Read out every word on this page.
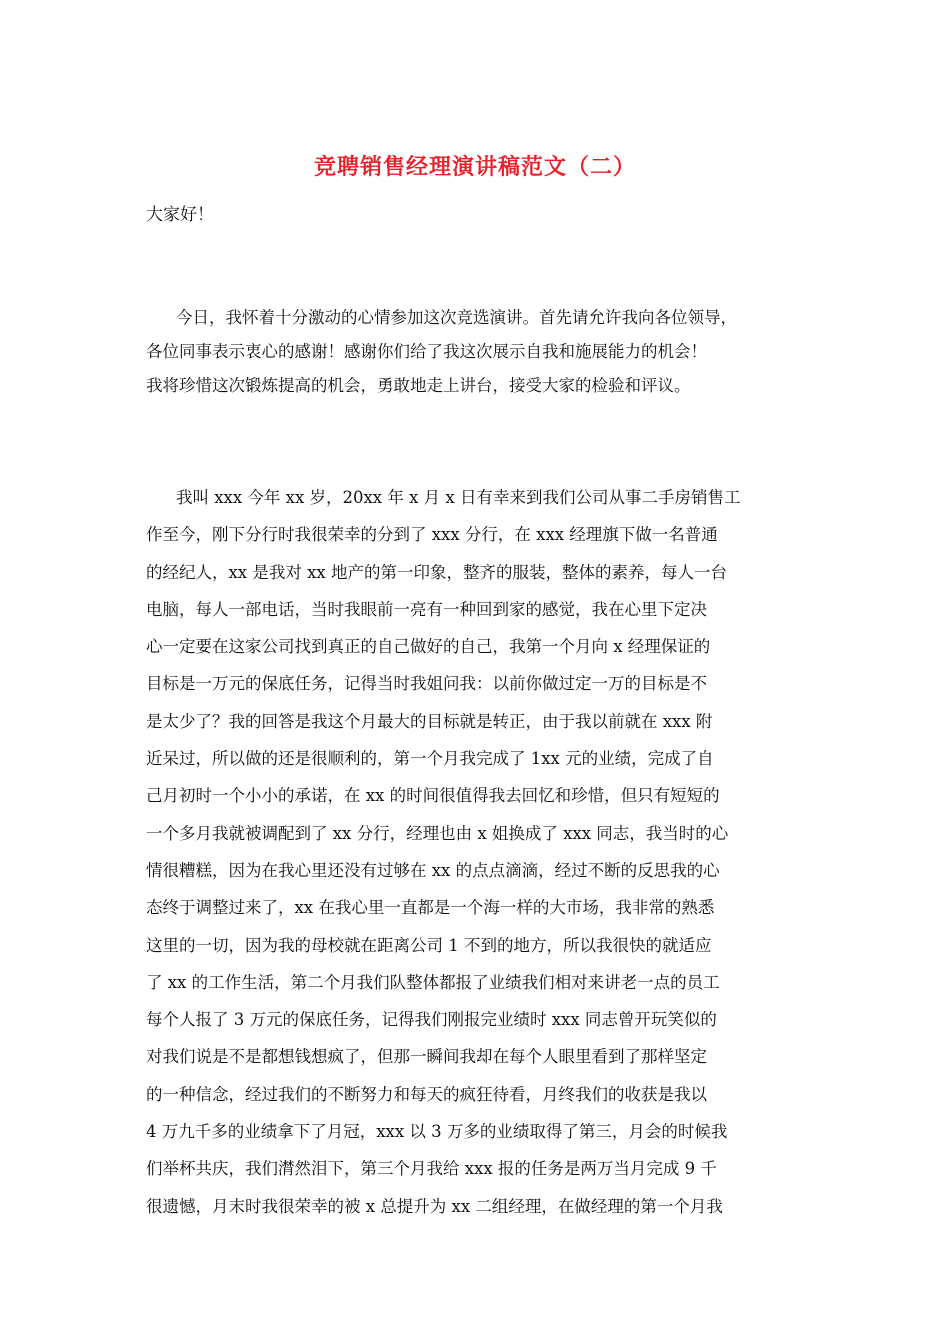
竞聘销售经理演讲稿范文（二）
大家好！
今日，我怀着十分激动的心情参加这次竞选演讲。首先请允许我向各位领导，
各位同事表示衷心的感谢！感谢你们给了我这次展示自我和施展能力的机会！
我将珍惜这次锻炼提高的机会，勇敢地走上讲台，接受大家的检验和评议。
我叫 xxx 今年 xx 岁，20xx 年 x 月 x 日有幸来到我们公司从事二手房销售工
作至今，刚下分行时我很荣幸的分到了 xxx 分行，在 xxx 经理旗下做一名普通
的经纪人，xx 是我对 xx 地产的第一印象，整齐的服装，整体的素养，每人一台
电脑，每人一部电话，当时我眼前一亮有一种回到家的感觉，我在心里下定决
心一定要在这家公司找到真正的自己做好的自己，我第一个月向 x 经理保证的
目标是一万元的保底任务，记得当时我姐问我：以前你做过定一万的目标是不
是太少了？我的回答是我这个月最大的目标就是转正，由于我以前就在 xxx 附
近呆过，所以做的还是很顺利的，第一个月我完成了 1xx 元的业绩，完成了自
己月初时一个小小的承诺，在 xx 的时间很值得我去回忆和珍惜，但只有短短的
一个多月我就被调配到了 xx 分行，经理也由 x 姐换成了 xxx 同志，我当时的心
情很糟糕，因为在我心里还没有过够在 xx 的点点滴滴，经过不断的反思我的心
态终于调整过来了，xx 在我心里一直都是一个海一样的大市场，我非常的熟悉
这里的一切，因为我的母校就在距离公司 1 不到的地方，所以我很快的就适应
了 xx 的工作生活，第二个月我们队整体都报了业绩我们相对来讲老一点的员工
每个人报了 3 万元的保底任务，记得我们刚报完业绩时 xxx 同志曾开玩笑似的
对我们说是不是都想钱想疯了，但那一瞬间我却在每个人眼里看到了那样坚定
的一种信念，经过我们的不断努力和每天的疯狂待看，月终我们的收获是我以
4 万九千多的业绩拿下了月冠，xxx 以 3 万多的业绩取得了第三，月会的时候我
们举杯共庆，我们潸然泪下，第三个月我给 xxx 报的任务是两万当月完成 9 千
很遗憾，月末时我很荣幸的被 x 总提升为 xx 二组经理，在做经理的第一个月我
